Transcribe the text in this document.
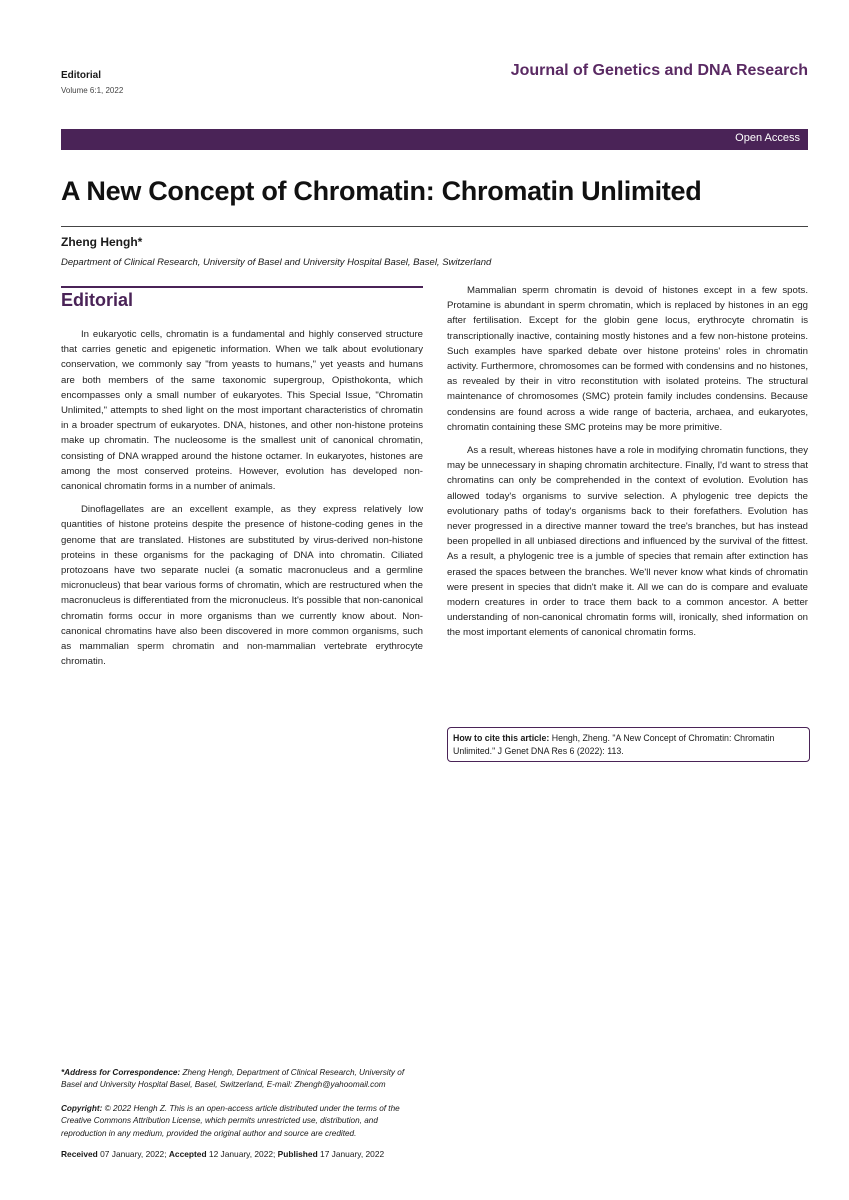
Editorial
Volume 6:1, 2022
Journal of Genetics and DNA Research
Open Access
A New Concept of Chromatin: Chromatin Unlimited
Zheng Hengh*
Department of Clinical Research, University of Basel and University Hospital Basel, Basel, Switzerland
Editorial

In eukaryotic cells, chromatin is a fundamental and highly conserved structure that carries genetic and epigenetic information. When we talk about evolutionary conservation, we commonly say "from yeasts to humans," yet yeasts and humans are both members of the same taxonomic supergroup, Opisthokonta, which encompasses only a small number of eukaryotes. This Special Issue, "Chromatin Unlimited," attempts to shed light on the most important characteristics of chromatin in a broader spectrum of eukaryotes. DNA, histones, and other non-histone proteins make up chromatin. The nucleosome is the smallest unit of canonical chromatin, consisting of DNA wrapped around the histone octamer. In eukaryotes, histones are among the most conserved proteins. However, evolution has developed non-canonical chromatin forms in a number of animals.

Dinoflagellates are an excellent example, as they express relatively low quantities of histone proteins despite the presence of histone-coding genes in the genome that are translated. Histones are substituted by virus-derived non-histone proteins in these organisms for the packaging of DNA into chromatin. Ciliated protozoans have two separate nuclei (a somatic macronucleus and a germline micronucleus) that bear various forms of chromatin, which are restructured when the macronucleus is differentiated from the micronucleus. It's possible that non-canonical chromatin forms occur in more organisms than we currently know about. Non-canonical chromatins have also been discovered in more common organisms, such as mammalian sperm chromatin and non-mammalian vertebrate erythrocyte chromatin.

Mammalian sperm chromatin is devoid of histones except in a few spots. Protamine is abundant in sperm chromatin, which is replaced by histones in an egg after fertilisation. Except for the globin gene locus, erythrocyte chromatin is transcriptionally inactive, containing mostly histones and a few non-histone proteins. Such examples have sparked debate over histone proteins' roles in chromatin activity. Furthermore, chromosomes can be formed with condensins and no histones, as revealed by their in vitro reconstitution with isolated proteins. The structural maintenance of chromosomes (SMC) protein family includes condensins. Because condensins are found across a wide range of bacteria, archaea, and eukaryotes, chromatin containing these SMC proteins may be more primitive.

As a result, whereas histones have a role in modifying chromatin functions, they may be unnecessary in shaping chromatin architecture. Finally, I'd want to stress that chromatins can only be comprehended in the context of evolution. Evolution has allowed today's organisms to survive selection. A phylogenic tree depicts the evolutionary paths of today's organisms back to their forefathers. Evolution has never progressed in a directive manner toward the tree's branches, but has instead been propelled in all unbiased directions and influenced by the survival of the fittest. As a result, a phylogenic tree is a jumble of species that remain after extinction has erased the spaces between the branches. We'll never know what kinds of chromatin were present in species that didn't make it. All we can do is compare and evaluate modern creatures in order to trace them back to a common ancestor. A better understanding of non-canonical chromatin forms will, ironically, shed information on the most important elements of canonical chromatin forms.

How to cite this article: Hengh, Zheng. "A New Concept of Chromatin: Chromatin Unlimited." J Genet DNA Res 6 (2022): 113.
*Address for Correspondence: Zheng Hengh, Department of Clinical Research, University of Basel and University Hospital Basel, Basel, Switzerland, E-mail: Zhengh@yahoomail.com
Copyright: © 2022 Hengh Z. This is an open-access article distributed under the terms of the Creative Commons Attribution License, which permits unrestricted use, distribution, and reproduction in any medium, provided the original author and source are credited.
Received 07 January, 2022; Accepted 12 January, 2022; Published 17 January, 2022
